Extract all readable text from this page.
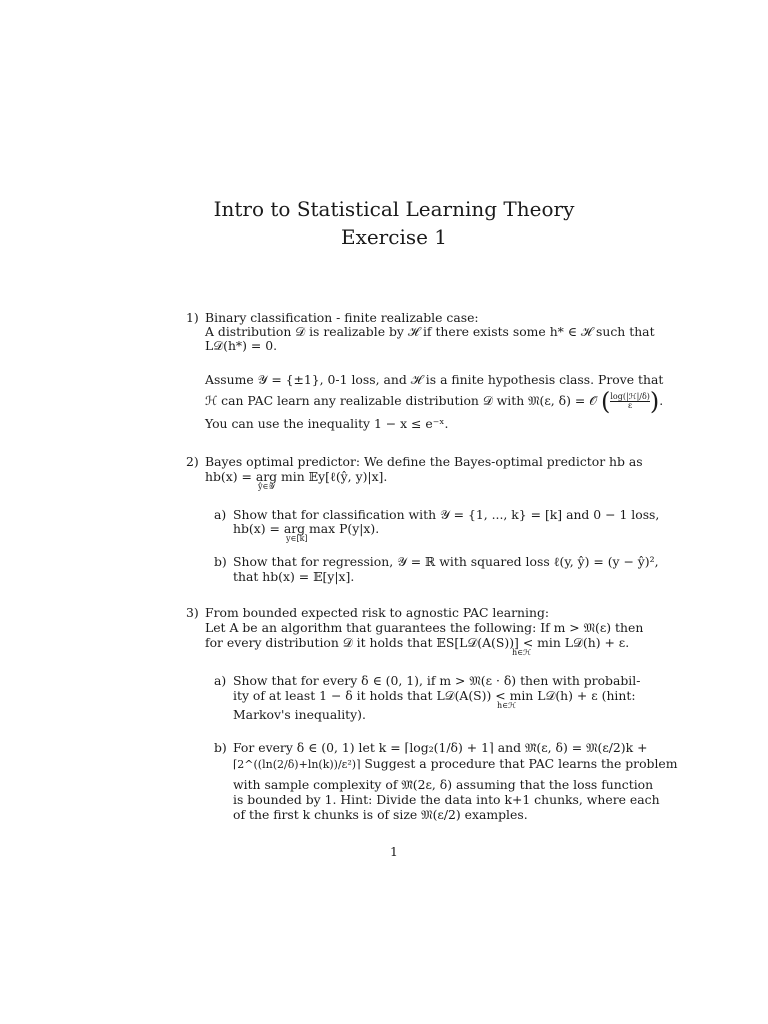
Intro to Statistical Learning Theory
Exercise 1
1) Binary classification - finite realizable case:
A distribution 𝒟 is realizable by ℋ if there exists some h* ∈ ℋ such that
L𝒟(h*) = 0.
Assume 𝒴 = {±1}, 0-1 loss, and ℋ is a finite hypothesis class. Prove that
ℋ can PAC learn any realizable distribution 𝒟 with 𝔐(ε, δ) = 𝒪 ( $\frac{\text{log(|ℋ|/δ)}}{\varepsilon}$ ).
You can use the inequality 1 − x ≤ e⁻ˣ.
2) Bayes optimal predictor: We define the Bayes-optimal predictor hb as
hb(x) = arg min 𝔼y[ℓ(ŷ, y)|x].
ŷ∈𝒴
a) Show that for classification with 𝒴 = {1, ..., k} = [k] and 0 − 1 loss,
hb(x) = arg max P(y|x).
y∈[k]
b) Show that for regression, 𝒴 = ℝ with squared loss ℓ(y, ŷ) = (y − ŷ)²,
that hb(x) = 𝔼[y|x].
3) From bounded expected risk to agnostic PAC learning:
Let A be an algorithm that guarantees the following: If m > 𝔐(ε) then
for every distribution 𝒟 it holds that 𝔼S[L𝒟(A(S))] < min L𝒟(h) + ε.
h∈ℋ
a) Show that for every δ ∈ (0, 1), if m > 𝔐(ε · δ) then with probabil-
ity of at least 1 − δ it holds that L𝒟(A(S)) < min L𝒟(h) + ε (hint:
h∈ℋ
Markov's inequality).
b) For every δ ∈ (0, 1) let k = ⌈log₂(1/δ) + 1⌉ and 𝔐̃(ε, δ) = 𝔐(ε/2)k +
⌈2^((ln(2/δ)+ln(k))/ε²)⌉ Suggest a procedure that PAC learns the problem
with sample complexity of 𝔐̃(2ε, δ) assuming that the loss function
is bounded by 1. Hint: Divide the data into k+1 chunks, where each
of the first k chunks is of size 𝔐(ε/2) examples.
1
